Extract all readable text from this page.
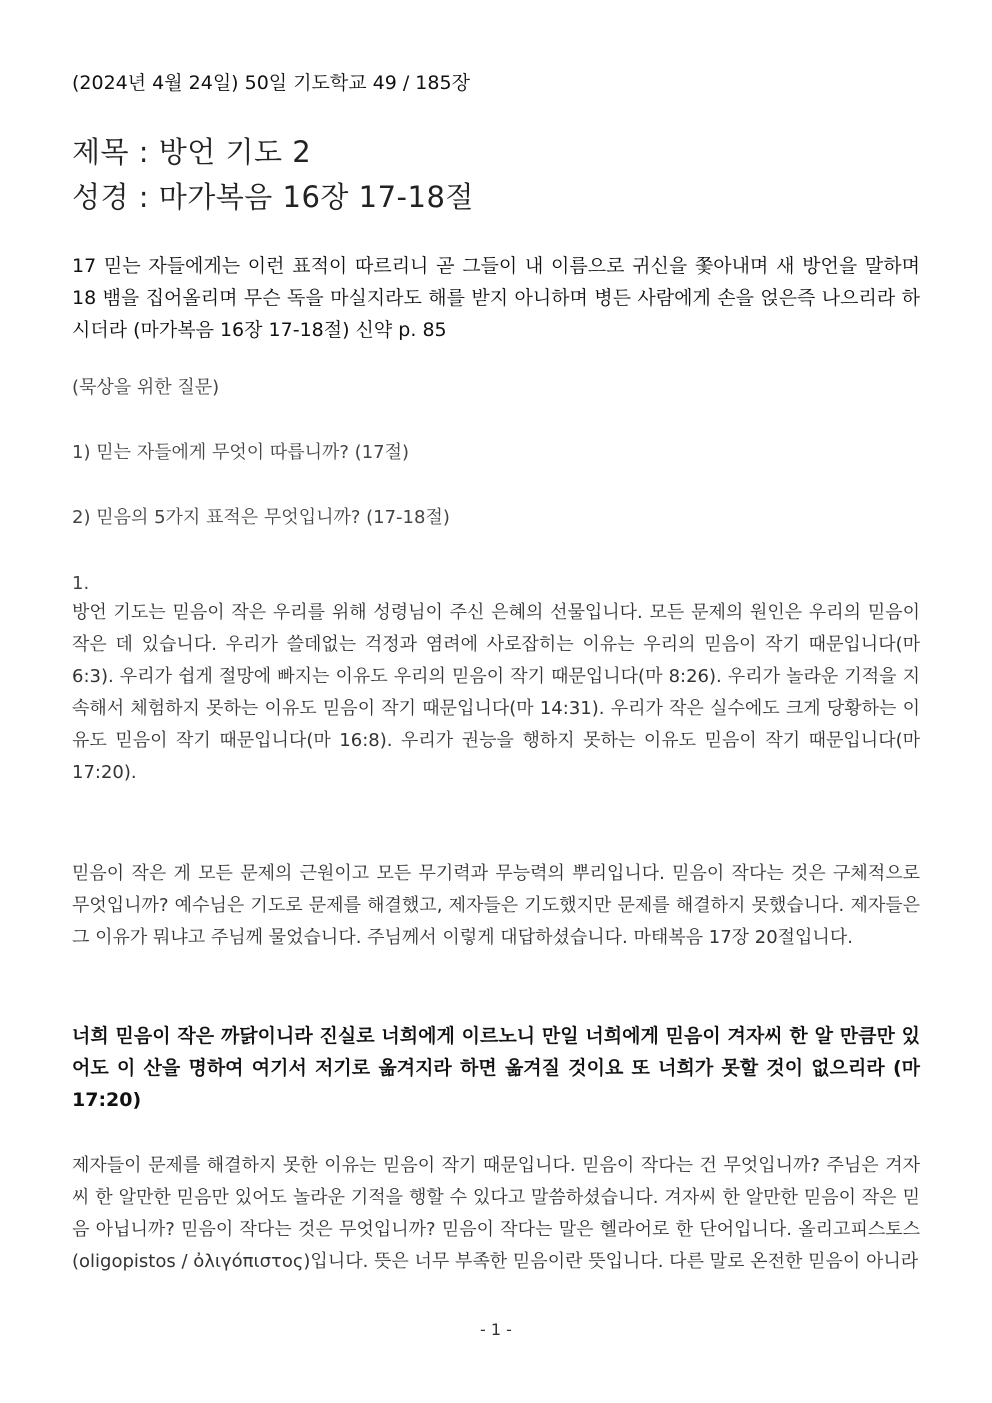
(2024년 4월 24일) 50일 기도학교 49 / 185장
제목 : 방언 기도 2
성경 : 마가복음 16장 17-18절
17 믿는 자들에게는 이런 표적이 따르리니 곧 그들이 내 이름으로 귀신을 쫓아내며 새 방언을 말하며 18 뱀을 집어올리며 무슨 독을 마실지라도 해를 받지 아니하며 병든 사람에게 손을 얹은즉 나으리라 하시더라 (마가복음 16장 17-18절) 신약 p. 85
(묵상을 위한 질문)
1) 믿는 자들에게 무엇이 따릅니까? (17절)
2) 믿음의 5가지 표적은 무엇입니까? (17-18절)
1.
방언 기도는 믿음이 작은 우리를 위해 성령님이 주신 은혜의 선물입니다. 모든 문제의 원인은 우리의 믿음이 작은 데 있습니다. 우리가 쓸데없는 걱정과 염려에 사로잡히는 이유는 우리의 믿음이 작기 때문입니다(마 6:3). 우리가 쉽게 절망에 빠지는 이유도 우리의 믿음이 작기 때문입니다(마 8:26). 우리가 놀라운 기적을 지속해서 체험하지 못하는 이유도 믿음이 작기 때문입니다(마 14:31). 우리가 작은 실수에도 크게 당황하는 이유도 믿음이 작기 때문입니다(마 16:8). 우리가 권능을 행하지 못하는 이유도 믿음이 작기 때문입니다(마 17:20).
믿음이 작은 게 모든 문제의 근원이고 모든 무기력과 무능력의 뿌리입니다. 믿음이 작다는 것은 구체적으로 무엇입니까? 예수님은 기도로 문제를 해결했고, 제자들은 기도했지만 문제를 해결하지 못했습니다. 제자들은 그 이유가 뭐냐고 주님께 물었습니다. 주님께서 이렇게 대답하셨습니다. 마태복음 17장 20절입니다.
너희 믿음이 작은 까닭이니라 진실로 너희에게 이르노니 만일 너희에게 믿음이 겨자씨 한 알 만큼만 있어도 이 산을 명하여 여기서 저기로 옮겨지라 하면 옮겨질 것이요 또 너희가 못할 것이 없으리라 (마 17:20)
제자들이 문제를 해결하지 못한 이유는 믿음이 작기 때문입니다. 믿음이 작다는 건 무엇입니까? 주님은 겨자씨 한 알만한 믿음만 있어도 놀라운 기적을 행할 수 있다고 말씀하셨습니다. 겨자씨 한 알만한 믿음이 작은 믿음 아닙니까? 믿음이 작다는 것은 무엇입니까? 믿음이 작다는 말은 헬라어로 한 단어입니다. 올리고피스토스(oligopistos / ὀλιγόπιστος)입니다. 뜻은 너무 부족한 믿음이란 뜻입니다. 다른 말로 온전한 믿음이 아니라
- 1 -
